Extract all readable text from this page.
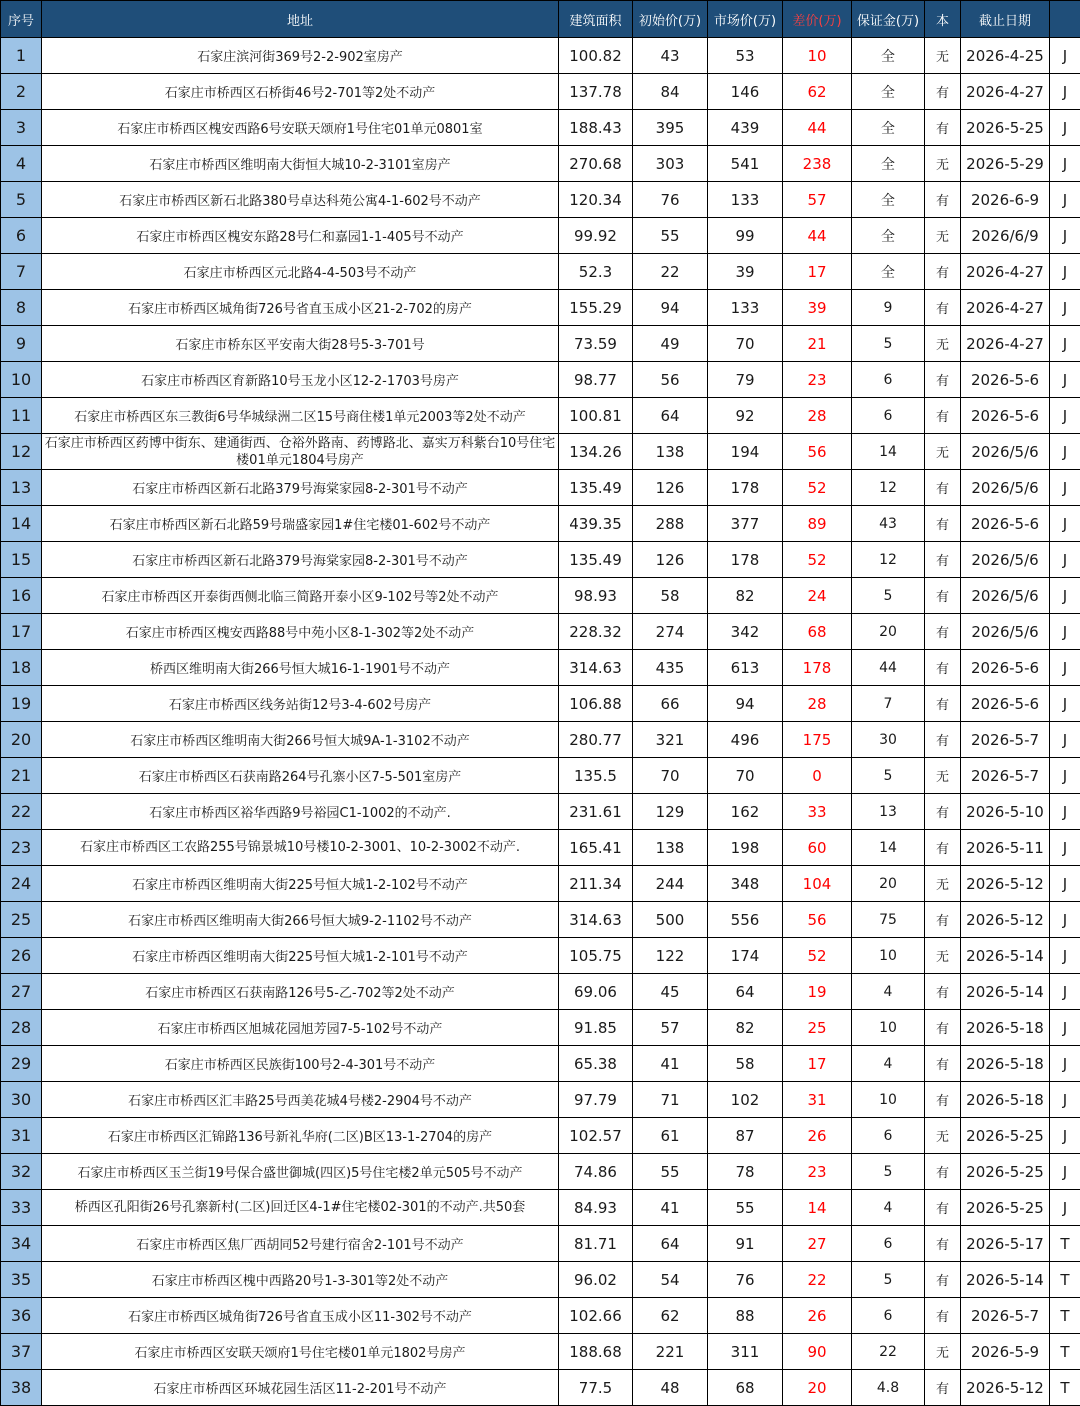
序号	地址	建筑面积	初始价(万)	市场价(万)	差价(万)	保证金(万)	本	截止日期	
1	石家庄滨河街369号2-2-902室房产	100.82	43	53	10	全	无	2026-4-25	J
2	石家庄市桥西区石桥街46号2-701等2处不动产	137.78	84	146	62	全	有	2026-4-27	J
3	石家庄市桥西区槐安西路6号安联天颂府1号住宅01单元0801室	188.43	395	439	44	全	有	2026-5-25	J
4	石家庄市桥西区维明南大街恒大城10-2-3101室房产	270.68	303	541	238	全	无	2026-5-29	J
5	石家庄市桥西区新石北路380号卓达科苑公寓4-1-602号不动产	120.34	76	133	57	全	有	2026-6-9	J
6	石家庄市桥西区槐安东路28号仁和嘉园1-1-405号不动产	99.92	55	99	44	全	无	2026/6/9	J
7	石家庄市桥西区元北路4-4-503号不动产	52.3	22	39	17	全	有	2026-4-27	J
8	石家庄市桥西区城角街726号省直玉成小区21-2-702的房产	155.29	94	133	39	9	有	2026-4-27	J
9	石家庄市桥东区平安南大街28号5-3-701号	73.59	49	70	21	5	无	2026-4-27	J
10	石家庄市桥西区育新路10号玉龙小区12-2-1703号房产	98.77	56	79	23	6	有	2026-5-6	J
11	石家庄市桥西区东三教街6号华城绿洲二区15号商住楼1单元2003等2处不动产	100.81	64	92	28	6	有	2026-5-6	J
12	石家庄市桥西区药博中街东、建通街西、仓裕外路南、药博路北、嘉实万科紫台10号住宅楼01单元1804号房产	134.26	138	194	56	14	无	2026/5/6	J
13	石家庄市桥西区新石北路379号海棠家园8-2-301号不动产	135.49	126	178	52	12	有	2026/5/6	J
14	石家庄市桥西区新石北路59号瑞盛家园1#住宅楼01-602号不动产	439.35	288	377	89	43	有	2026-5-6	J
15	石家庄市桥西区新石北路379号海棠家园8-2-301号不动产	135.49	126	178	52	12	有	2026/5/6	J
16	石家庄市桥西区开泰街西侧北临三简路开泰小区9-102号等2处不动产	98.93	58	82	24	5	有	2026/5/6	J
17	石家庄市桥西区槐安西路88号中苑小区8-1-302等2处不动产	228.32	274	342	68	20	有	2026/5/6	J
18	桥西区维明南大街266号恒大城16-1-1901号不动产	314.63	435	613	178	44	有	2026-5-6	J
19	石家庄市桥西区线务站街12号3-4-602号房产	106.88	66	94	28	7	有	2026-5-6	J
20	石家庄市桥西区维明南大街266号恒大城9A-1-3102不动产	280.77	321	496	175	30	有	2026-5-7	J
21	石家庄市桥西区石获南路264号孔寨小区7-5-501室房产	135.5	70	70	0	5	无	2026-5-7	J
22	石家庄市桥西区裕华西路9号裕园C1-1002的不动产.	231.61	129	162	33	13	有	2026-5-10	J
23	石家庄市桥西区工农路255号锦景城10号楼10-2-3001、10-2-3002不动产.	165.41	138	198	60	14	有	2026-5-11	J
24	石家庄市桥西区维明南大街225号恒大城1-2-102号不动产	211.34	244	348	104	20	无	2026-5-12	J
25	石家庄市桥西区维明南大街266号恒大城9-2-1102号不动产	314.63	500	556	56	75	有	2026-5-12	J
26	石家庄市桥西区维明南大街225号恒大城1-2-101号不动产	105.75	122	174	52	10	无	2026-5-14	J
27	石家庄市桥西区石获南路126号5-乙-702等2处不动产	69.06	45	64	19	4	有	2026-5-14	J
28	石家庄市桥西区旭城花园旭芳园7-5-102号不动产	91.85	57	82	25	10	有	2026-5-18	J
29	石家庄市桥西区民族街100号2-4-301号不动产	65.38	41	58	17	4	有	2026-5-18	J
30	石家庄市桥西区汇丰路25号西美花城4号楼2-2904号不动产	97.79	71	102	31	10	有	2026-5-18	J
31	石家庄市桥西区汇锦路136号新礼华府(二区)B区13-1-2704的房产	102.57	61	87	26	6	无	2026-5-25	J
32	石家庄市桥西区玉兰街19号保合盛世御城(四区)5号住宅楼2单元505号不动产	74.86	55	78	23	5	有	2026-5-25	J
33	桥西区孔阳街26号孔寨新村(二区)回迁区4-1#住宅楼02-301的不动产.共50套	84.93	41	55	14	4	有	2026-5-25	J
34	石家庄市桥西区焦厂西胡同52号建行宿舍2-101号不动产	81.71	64	91	27	6	有	2026-5-17	T
35	石家庄市桥西区槐中西路20号1-3-301等2处不动产	96.02	54	76	22	5	有	2026-5-14	T
36	石家庄市桥西区城角街726号省直玉成小区11-302号不动产	102.66	62	88	26	6	有	2026-5-7	T
37	石家庄市桥西区安联天颂府1号住宅楼01单元1802号房产	188.68	221	311	90	22	无	2026-5-9	T
38	石家庄市桥西区环城花园生活区11-2-201号不动产	77.5	48	68	20	4.8	有	2026-5-12	T
